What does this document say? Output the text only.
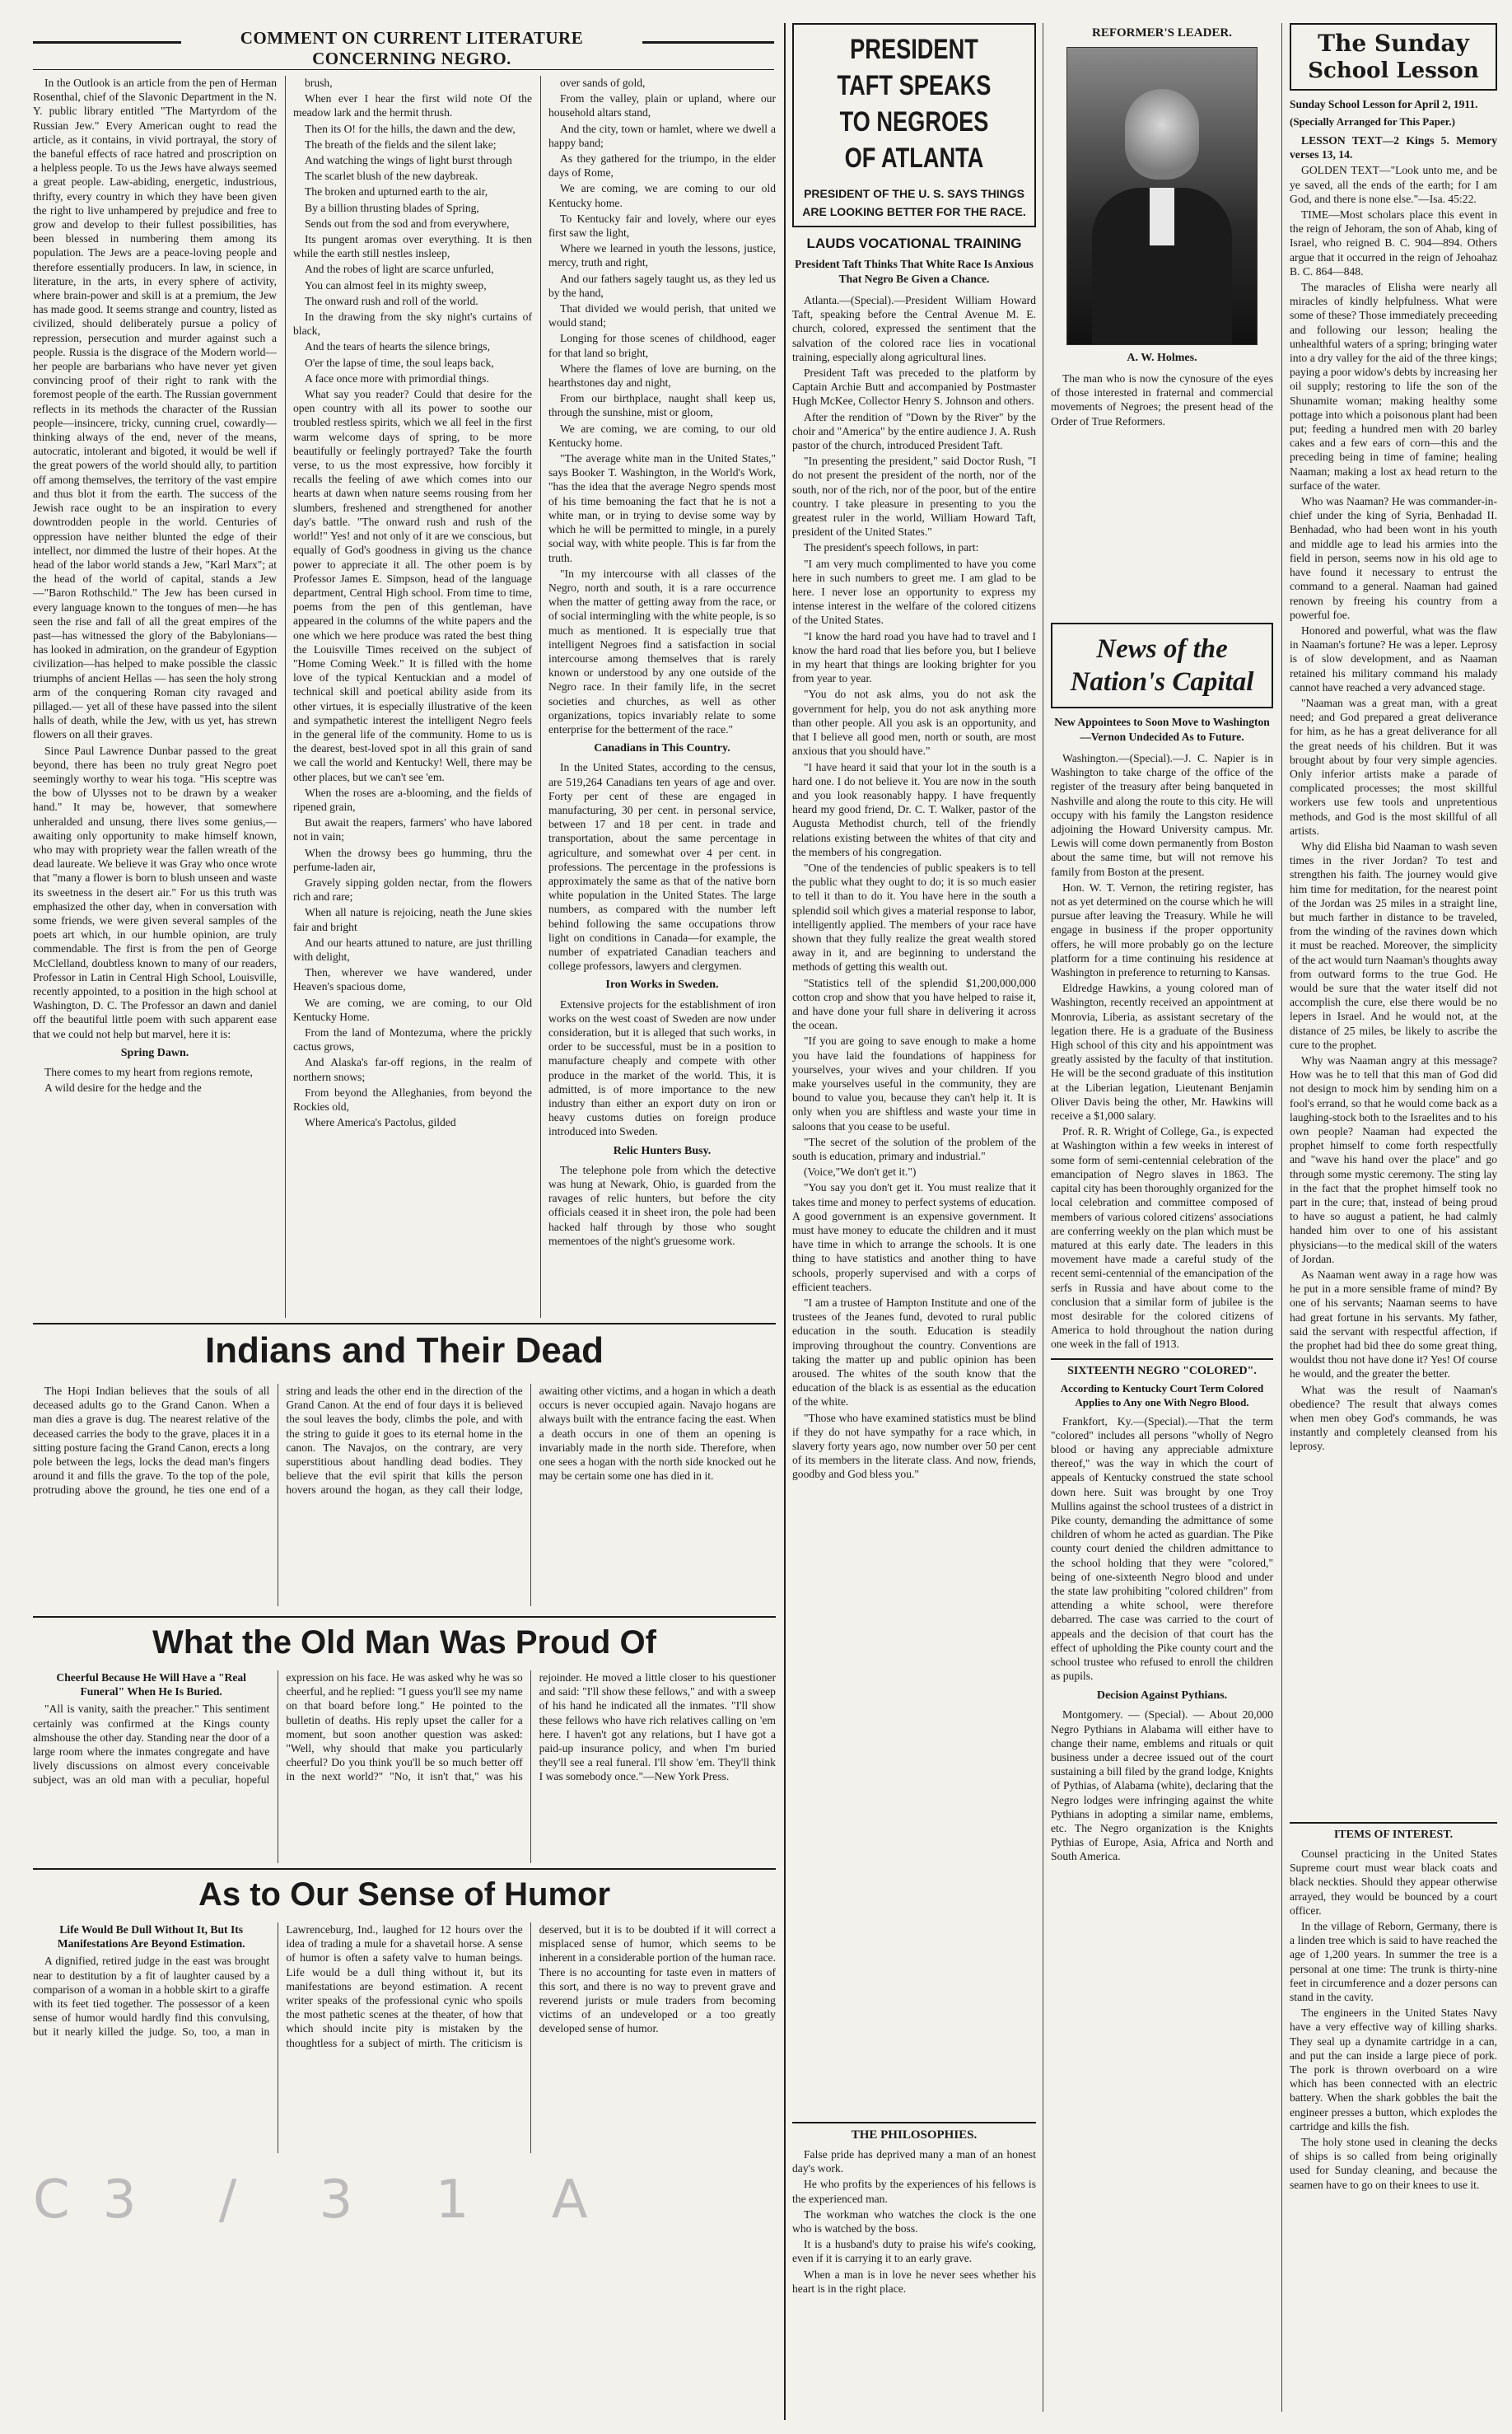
COMMENT ON CURRENT LITERATURE CONCERNING NEGRO.

In the Outlook is an article from the pen of Herman Rosenthal, chief of the Slavonic Department in the N. Y. public library entitled "The Martyrdom of the Russian Jew." Every American ought to read the article, as it contains, in vivid portrayal, the story of the baneful effects of race hatred and proscription on a helpless people. To us the Jews have always seemed a great people. Law-abiding, energetic, industrious, thrifty, every country in which they have been given the right to live unhampered by prejudice and free to grow and develop to their fullest possibilities, has been blessed in numbering them among its population. The Jews are a peace-loving people and therefore essentially producers. In law, in science, in literature, in the arts, in every sphere of activity, where brain-power and skill is at a premium, the Jew has made good. It seems strange and country, listed as civilized, should deliberately pursue a policy of repression, persecution and murder against such a people. Russia is the disgrace of the Modern world—her people are barbarians who have never yet given convincing proof of their right to rank with the foremost people of the earth. The Russian government reflects in its methods the character of the Russian people—insincere, tricky, cunning cruel, cowardly—thinking always of the end, never of the means, autocratic, intolerant and bigoted, it would be well if the great powers of the world should ally, to partition off among themselves, the territory of the vast empire and thus blot it from the earth. The success of the Jewish race ought to be an inspiration to every downtrodden people in the world. Centuries of oppression have neither blunted the edge of their intellect, nor dimmed the lustre of their hopes. At the head of the labor world stands a Jew, "Karl Marx"; at the head of the world of capital, stands a Jew—"Baron Rothschild." The Jew has been cursed in every language known to the tongues of men—he has seen the rise and fall of all the great empires of the past—has witnessed the glory of the Babylonians—has looked in admiration, on the grandeur of Egyption civilization—has helped to make possible the classic triumphs of ancient Hellas — has seen the holy strong arm of the conquering Roman city ravaged and pillaged.— yet all of these have passed into the silent halls of death, while the Jew, with us yet, has strewn flowers on all their graves.

Since Paul Lawrence Dunbar passed to the great beyond, there has been no truly great Negro poet seemingly worthy to wear his toga. "His sceptre was the bow of Ulysses not to be drawn by a weaker hand." It may be, however, that somewhere unheralded and unsung, there lives some genius,—awaiting only opportunity to make himself known, who may with propriety wear the fallen wreath of the dead laureate. We believe it was Gray who once wrote that "many a flower is born to blush unseen and waste its sweetness in the desert air." For us this truth was emphasized the other day, when in conversation with some friends, we were given several samples of the poets art which, in our humble opinion, are truly commendable. The first is from the pen of George McClelland, doubtless known to many of our readers, Professor in Latin in Central High School, Louisville, recently appointed, to a position in the high school at Washington, D. C. The Professor an dawn and daniel off the beautiful little poem with such apparent ease that we could not help but marvel, here it is:

Spring Dawn.

There comes to my heart from regions remote,

A wild desire for the hedge and the

brush,

When ever I hear the first wild note Of the meadow lark and the hermit thrush.

Then its O! for the hills, the dawn and the dew,

The breath of the fields and the silent lake;

And watching the wings of light burst through

The scarlet blush of the new daybreak.

The broken and upturned earth to the air,

By a billion thrusting blades of Spring,

Sends out from the sod and from everywhere,

Its pungent aromas over everything. It is then while the earth still nestles insleep,

And the robes of light are scarce unfurled,

You can almost feel in its mighty sweep,

The onward rush and roll of the world.

In the drawing from the sky night's curtains of black,

And the tears of hearts the silence brings,

O'er the lapse of time, the soul leaps back,

A face once more with primordial things.

What say you reader? Could that desire for the open country with all its power to soothe our troubled restless spirits, which we all feel in the first warm welcome days of spring, to be more beautifully or feelingly portrayed? Take the fourth verse, to us the most expressive, how forcibly it recalls the feeling of awe which comes into our hearts at dawn when nature seems rousing from her slumbers, freshened and strengthened for another day's battle. "The onward rush and rush of the world!" Yes! and not only of it are we conscious, but equally of God's goodness in giving us the chance power to appreciate it all. The other poem is by Professor James E. Simpson, head of the language department, Central High school. From time to time, poems from the pen of this gentleman, have appeared in the columns of the white papers and the one which we here produce was rated the best thing the Louisville Times received on the subject of "Home Coming Week." It is filled with the home love of the typical Kentuckian and a model of technical skill and poetical ability aside from its other virtues, it is especially illustrative of the keen and sympathetic interest the intelligent Negro feels in the general life of the community. Home to us is the dearest, best-loved spot in all this grain of sand we call the world and Kentucky! Well, there may be other places, but we can't see 'em.

When the roses are a-blooming, and the fields of ripened grain,

But await the reapers, farmers' who have labored not in vain;

When the drowsy bees go humming, thru the perfume-laden air,

Gravely sipping golden nectar, from the flowers rich and rare;

When all nature is rejoicing, neath the June skies fair and bright

And our hearts attuned to nature, are just thrilling with delight,

Then, wherever we have wandered, under Heaven's spacious dome,

We are coming, we are coming, to our Old Kentucky Home.

From the land of Montezuma, where the prickly cactus grows,

And Alaska's far-off regions, in the realm of northern snows;

From beyond the Alleghanies, from beyond the Rockies old,

Where America's Pactolus, gilded

over sands of gold,

From the valley, plain or upland, where our household altars stand,

And the city, town or hamlet, where we dwell a happy band;

As they gathered for the triumpo, in the elder days of Rome,

We are coming, we are coming to our old Kentucky home.

To Kentucky fair and lovely, where our eyes first saw the light,

Where we learned in youth the lessons, justice, mercy, truth and right,

And our fathers sagely taught us, as they led us by the hand,

That divided we would perish, that united we would stand;

Longing for those scenes of childhood, eager for that land so bright,

Where the flames of love are burning, on the hearthstones day and night,

From our birthplace, naught shall keep us, through the sunshine, mist or gloom,

We are coming, we are coming, to our old Kentucky home.

"The average white man in the United States," says Booker T. Washington, in the World's Work, "has the idea that the average Negro spends most of his time bemoaning the fact that he is not a white man, or in trying to devise some way by which he will be permitted to mingle, in a purely social way, with white people. This is far from the truth.

"In my intercourse with all classes of the Negro, north and south, it is a rare occurrence when the matter of getting away from the race, or of social intermingling with the white people, is so much as mentioned. It is especially true that intelligent Negroes find a satisfaction in social intercourse among themselves that is rarely known or understood by any one outside of the Negro race. In their family life, in the secret societies and churches, as well as other organizations, topics invariably relate to some enterprise for the betterment of the race."

Canadians in This Country.

In the United States, according to the census, are 519,264 Canadians ten years of age and over. Forty per cent of these are engaged in manufacturing, 30 per cent. in personal service, between 17 and 18 per cent. in trade and transportation, about the same percentage in agriculture, and somewhat over 4 per cent. in professions. The percentage in the professions is approximately the same as that of the native born white population in the United States. The large numbers, as compared with the number left behind following the same occupations throw light on conditions in Canada—for example, the number of expatriated Canadian teachers and college professors, lawyers and clergymen.

Iron Works in Sweden.

Extensive projects for the establishment of iron works on the west coast of Sweden are now under consideration, but it is alleged that such works, in order to be successful, must be in a position to manufacture cheaply and compete with other produce in the market of the world. This, it is admitted, is of more importance to the new industry than either an export duty on iron or heavy customs duties on foreign produce introduced into Sweden.

Relic Hunters Busy.

The telephone pole from which the detective was hung at Newark, Ohio, is guarded from the ravages of relic hunters, but before the city officials ceased it in sheet iron, the pole had been hacked half through by those who sought mementoes of the night's gruesome work.

Indians and Their Dead
The Hopi Indian believes that the souls of all deceased adults go to the Grand Canon. When a man dies a grave is dug. The nearest relative of the deceased carries the body to the grave, places it in a sitting posture facing the Grand Canon, erects a long pole between the legs, locks the dead man's fingers around it and fills the grave. To the top of the pole, protruding above the ground, he ties one end of a string and leads the other end in the direction of the Grand Canon. At the end of four days it is believed the soul leaves the body, climbs the pole, and with the string to guide it goes to its eternal home in the canon. The Navajos, on the contrary, are very superstitious about handling dead bodies. They believe that the evil spirit that kills the person hovers around the hogan, as they call their lodge, awaiting other victims, and a hogan in which a death occurs is never occupied again. Navajo hogans are always built with the entrance facing the east. When a death occurs in one of them an opening is invariably made in the north side. Therefore, when one sees a hogan with the north side knocked out he may be certain some one has died in it.
What the Old Man Was Proud Of
Cheerful Because He Will Have a "Real Funeral" When He Is Buried.
"All is vanity, saith the preacher." This sentiment certainly was confirmed at the Kings county almshouse the other day. Standing near the door of a large room where the inmates congregate and have lively discussions on almost every conceivable subject, was an old man with a peculiar, hopeful expression on his face. He was asked why he was so cheerful, and he replied: "I guess you'll see my name on that board before long." He pointed to the bulletin of deaths. His reply upset the caller for a moment, but soon another question was asked: "Well, why should that make you particularly cheerful? Do you think you'll be so much better off in the next world?" "No, it isn't that," was his rejoinder. He moved a little closer to his questioner and said: "I'll show these fellows," and with a sweep of his hand he indicated all the inmates. "I'll show these fellows who have rich relatives calling on 'em here. I haven't got any relations, but I have got a paid-up insurance policy, and when I'm buried they'll see a real funeral. I'll show 'em. They'll think I was somebody once."—New York Press.
As to Our Sense of Humor
Life Would Be Dull Without It, But Its Manifestations Are Beyond Estimation.
A dignified, retired judge in the east was brought near to destitution by a fit of laughter caused by a comparison of a woman in a hobble skirt to a giraffe with its feet tied together. The possessor of a keen sense of humor would hardly find this convulsing, but it nearly killed the judge. So, too, a man in Lawrenceburg, Ind., laughed for 12 hours over the idea of trading a mule for a shavetail horse. A sense of humor is often a safety valve to human beings. Life would be a dull thing without it, but its manifestations are beyond estimation. A recent writer speaks of the professional cynic who spoils the most pathetic scenes at the theater, of how that which should incite pity is mistaken by the thoughtless for a subject of mirth. The criticism is deserved, but it is to be doubted if it will correct a misplaced sense of humor, which seems to be inherent in a considerable portion of the human race. There is no accounting for taste even in matters of this sort, and there is no way to prevent grave and reverend jurists or mule traders from becoming victims of an undeveloped or a too greatly developed sense of humor.
C3 / 3 1 A
PRESIDENT TAFT SPEAKS TO NEGROES OF ATLANTA
PRESIDENT OF THE U. S. SAYS THINGS ARE LOOKING BETTER FOR THE RACE.
LAUDS VOCATIONAL TRAINING
President Taft Thinks That White Race Is Anxious That Negro Be Given a Chance.

Atlanta.—(Special).—President William Howard Taft, speaking before the Central Avenue M. E. church, colored, expressed the sentiment that the salvation of the colored race lies in vocational training, especially along agricultural lines.

President Taft was preceded to the platform by Captain Archie Butt and accompanied by Postmaster Hugh McKee, Collector Henry S. Johnson and others.

After the rendition of "Down by the River" by the choir and "America" by the entire audience J. A. Rush pastor of the church, introduced President Taft.

"In presenting the president," said Doctor Rush, "I do not present the president of the north, nor of the south, nor of the rich, nor of the poor, but of the entire country. I take pleasure in presenting to you the greatest ruler in the world, William Howard Taft, president of the United States."

The president's speech follows, in part:

"I am very much complimented to have you come here in such numbers to greet me. I am glad to be here. I never lose an opportunity to express my intense interest in the welfare of the colored citizens of the United States.

"I know the hard road you have had to travel and I know the hard road that lies before you, but I believe in my heart that things are looking brighter for you from year to year.

"You do not ask alms, you do not ask the government for help, you do not ask anything more than other people. All you ask is an opportunity, and that I believe all good men, north or south, are most anxious that you should have."

"I have heard it said that your lot in the south is a hard one. I do not believe it. You are now in the south and you look reasonably happy. I have frequently heard my good friend, Dr. C. T. Walker, pastor of the Augusta Methodist church, tell of the friendly relations existing between the whites of that city and the members of his congregation.

"One of the tendencies of public speakers is to tell the public what they ought to do; it is so much easier to tell it than to do it. You have here in the south a splendid soil which gives a material response to labor, intelligently applied. The members of your race have shown that they fully realize the great wealth stored away in it, and are beginning to understand the methods of getting this wealth out.

"Statistics tell of the splendid $1,200,000,000 cotton crop and show that you have helped to raise it, and have done your full share in delivering it across the ocean.

"If you are going to save enough to make a home you have laid the foundations of happiness for yourselves, your wives and your children. If you make yourselves useful in the community, they are bound to value you, because they can't help it. It is only when you are shiftless and waste your time in saloons that you cease to be useful.

"The secret of the solution of the problem of the south is education, primary and industrial."

(Voice,"We don't get it.")

"You say you don't get it. You must realize that it takes time and money to perfect systems of education. A good government is an expensive government. It must have money to educate the children and it must have time in which to arrange the schools. It is one thing to have statistics and another thing to have schools, properly supervised and with a corps of efficient teachers.

"I am a trustee of Hampton Institute and one of the trustees of the Jeanes fund, devoted to rural public education in the south. Education is steadily improving throughout the country. Conventions are taking the matter up and public opinion has been aroused. The whites of the south know that the education of the black is as essential as the education of the white.

"Those who have examined statistics must be blind if they do not have sympathy for a race which, in slavery forty years ago, now number over 50 per cent of its members in the literate class. And now, friends, goodby and God bless you."

THE PHILOSOPHIES.

False pride has deprived many a man of an honest day's work.

He who profits by the experiences of his fellows is the experienced man.

The workman who watches the clock is the one who is watched by the boss.

It is a husband's duty to praise his wife's cooking, even if it is carrying it to an early grave.

When a man is in love he never sees whether his heart is in the right place.

REFORMER'S LEADER.
A. W. Holmes.
The man who is now the cynosure of the eyes of those interested in fraternal and commercial movements of Negroes; the present head of the Order of True Reformers.
News of the Nation's Capital
New Appointees to Soon Move to Washington—Vernon Undecided As to Future.

Washington.—(Special).—J. C. Napier is in Washington to take charge of the office of the register of the treasury after being banqueted in Nashville and along the route to this city. He will occupy with his family the Langston residence adjoining the Howard University campus. Mr. Lewis will come down permanently from Boston about the same time, but will not remove his family from Boston at the present.

Hon. W. T. Vernon, the retiring register, has not as yet determined on the course which he will pursue after leaving the Treasury. While he will engage in business if the proper opportunity offers, he will more probably go on the lecture platform for a time continuing his residence at Washington in preference to returning to Kansas.

Eldredge Hawkins, a young colored man of Washington, recently received an appointment at Monrovia, Liberia, as assistant secretary of the legation there. He is a graduate of the Business High school of this city and his appointment was greatly assisted by the faculty of that institution. He will be the second graduate of this institution at the Liberian legation, Lieutenant Benjamin Oliver Davis being the other, Mr. Hawkins will receive a $1,000 salary.

Prof. R. R. Wright of College, Ga., is expected at Washington within a few weeks in interest of some form of semi-centennial celebration of the emancipation of Negro slaves in 1863. The capital city has been thoroughly organized for the local celebration and committee composed of members of various colored citizens' associations are conferring weekly on the plan which must be matured at this early date. The leaders in this movement have made a careful study of the recent semi-centennial of the emancipation of the serfs in Russia and have about come to the conclusion that a similar form of jubilee is the most desirable for the colored citizens of America to hold throughout the nation during one week in the fall of 1913.

SIXTEENTH NEGRO "COLORED".
According to Kentucky Court Term Colored Applies to Any one With Negro Blood.
Frankfort, Ky.—(Special).—That the term "colored" includes all persons "wholly of Negro blood or having any appreciable admixture thereof," was the way in which the court of appeals of Kentucky construed the state school down here. Suit was brought by one Troy Mullins against the school trustees of a district in Pike county, demanding the admittance of some children of whom he acted as guardian. The Pike county court denied the children admittance to the school holding that they were "colored," being of one-sixteenth Negro blood and under the state law prohibiting "colored children" from attending a white school, were therefore debarred. The case was carried to the court of appeals and the decision of that court has the effect of upholding the Pike county court and the school trustee who refused to enroll the children as pupils.
Decision Against Pythians.
Montgomery. — (Special). — About 20,000 Negro Pythians in Alabama will either have to change their name, emblems and rituals or quit business under a decree issued out of the court sustaining a bill filed by the grand lodge, Knights of Pythias, of Alabama (white), declaring that the Negro lodges were infringing against the white Pythians in adopting a similar name, emblems, etc. The Negro organization is the Knights Pythias of Europe, Asia, Africa and North and South America.
The Sunday
School Lesson
Sunday School Lesson for April 2, 1911.
(Specially Arranged for This Paper.)

LESSON TEXT—2 Kings 5. Memory verses 13, 14.

GOLDEN TEXT—"Look unto me, and be ye saved, all the ends of the earth; for I am God, and there is none else."—Isa. 45:22.

TIME—Most scholars place this event in the reign of Jehoram, the son of Ahab, king of Israel, who reigned B. C. 904—894. Others argue that it occurred in the reign of Jehoahaz B. C. 864—848.

The maracles of Elisha were nearly all miracles of kindly helpfulness. What were some of these? Those immediately preceeding and following our lesson; healing the unhealthful waters of a spring; bringing water into a dry valley for the aid of the three kings; paying a poor widow's debts by increasing her oil supply; restoring to life the son of the Shunamite woman; making healthy some pottage into which a poisonous plant had been put; feeding a hundred men with 20 barley cakes and a few ears of corn—this and the preceding being in time of famine; healing Naaman; making a lost ax head return to the surface of the water.

Who was Naaman? He was commander-in-chief under the king of Syria, Benhadad II. Benhadad, who had been wont in his youth and middle age to lead his armies into the field in person, seems now in his old age to have found it necessary to entrust the command to a general. Naaman had gained renown by freeing his country from a powerful foe.

Honored and powerful, what was the flaw in Naaman's fortune? He was a leper. Leprosy is of slow development, and as Naaman retained his military command his malady cannot have reached a very advanced stage.

"Naaman was a great man, with a great need; and God prepared a great deliverance for him, as he has a great deliverance for all the great needs of his children. But it was brought about by four very simple agencies. Only inferior artists make a parade of complicated processes; the most skillful workers use few tools and unpretentious methods, and God is the most skillful of all artists.

Why did Elisha bid Naaman to wash seven times in the river Jordan? To test and strengthen his faith. The journey would give him time for meditation, for the nearest point of the Jordan was 25 miles in a straight line, but much farther in distance to be traveled, from the winding of the ravines down which it must be reached. Moreover, the simplicity of the act would turn Naaman's thoughts away from outward forms to the true God. He would be sure that the water itself did not accomplish the cure, else there would be no lepers in Israel. And he would not, at the distance of 25 miles, be likely to ascribe the cure to the prophet.

Why was Naaman angry at this message? How was he to tell that this man of God did not design to mock him by sending him on a fool's errand, so that he would come back as a laughing-stock both to the Israelites and to his own people? Naaman had expected the prophet himself to come forth respectfully and "wave his hand over the place" and go through some mystic ceremony. The sting lay in the fact that the prophet himself took no part in the cure; that, instead of being proud to have so august a patient, he had calmly handed him over to one of his assistant physicians—to the medical skill of the waters of Jordan.

As Naaman went away in a rage how was he put in a more sensible frame of mind? By one of his servants; Naaman seems to have had great fortune in his servants. My father, said the servant with respectful affection, if the prophet had bid thee do some great thing, wouldst thou not have done it? Yes! Of course he would, and the greater the better.

What was the result of Naaman's obedience? The result that always comes when men obey God's commands, he was instantly and completely cleansed from his leprosy.

ITEMS OF INTEREST.

Counsel practicing in the United States Supreme court must wear black coats and black neckties. Should they appear otherwise arrayed, they would be bounced by a court officer.

In the village of Reborn, Germany, there is a linden tree which is said to have reached the age of 1,200 years. In summer the tree is a personal at one time: The trunk is thirty-nine feet in circumference and a dozer persons can stand in the cavity.

The engineers in the United States Navy have a very effective way of killing sharks. They seal up a dynamite cartridge in a can, and put the can inside a large piece of pork. The pork is thrown overboard on a wire which has been connected with an electric battery. When the shark gobbles the bait the engineer presses a button, which explodes the cartridge and kills the fish.

The holy stone used in cleaning the decks of ships is so called from being originally used for Sunday cleaning, and because the seamen have to go on their knees to use it.
